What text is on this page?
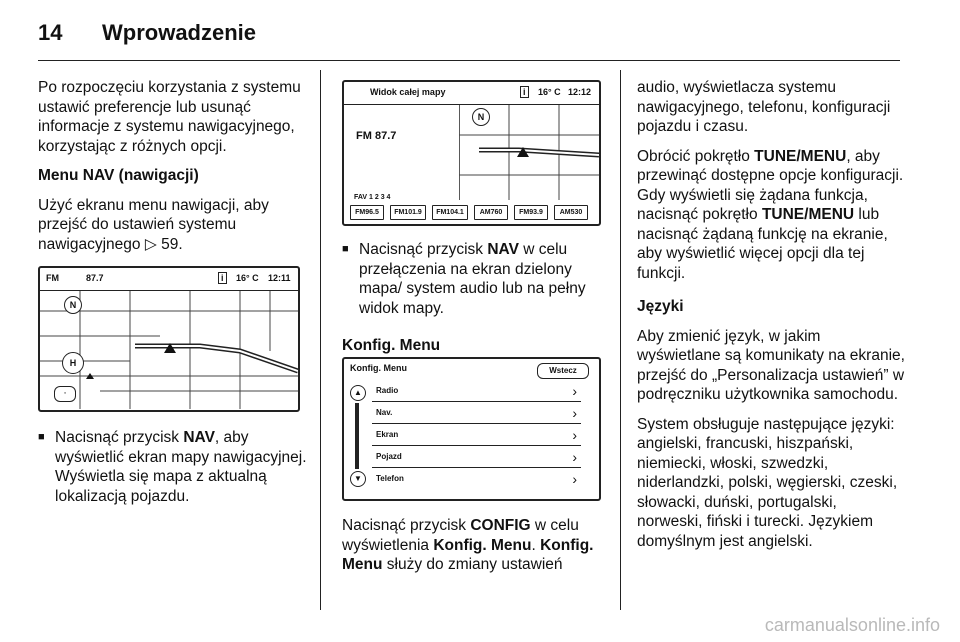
14 Wprowadzenie

Po rozpoczęciu korzystania z systemu ustawić preferencje lub usunąć informacje z systemu nawigacyjnego, korzystając z różnych opcji.

Menu NAV (nawigacji)

Użyć ekranu menu nawigacji, aby przejść do ustawień systemu nawigacyjnego ▷ 59.

FM	87.7	i	16° C 12:11
N
H
◦

■ Nacisnąć przycisk NAV, aby wyświetlić ekran mapy nawigacyjnej. Wyświetla się mapa z aktualną lokalizacją pojazdu.

Widok całej mapy	i	16° C 12:12
FM 87.7
N
FAV 1 2 3 4
FM96.5	FM101.9	FM104.1	AM760	FM93.9	AM530

■ Nacisnąć przycisk NAV w celu przełączenia na ekran dzielony mapa/ system audio lub na pełny widok mapy.

Konfig. Menu

Konfig. Menu	Wstecz
▲
▼
Radio	›
Nav.	›
Ekran	›
Pojazd	›
Telefon	›

Nacisnąć przycisk CONFIG w celu wyświetlenia Konfig. Menu. Konfig. Menu służy do zmiany ustawień

audio, wyświetlacza systemu nawigacyjnego, telefonu, konfiguracji pojazdu i czasu.

Obrócić pokrętło TUNE/MENU, aby przewinąć dostępne opcje konfiguracji. Gdy wyświetli się żądana funkcja, nacisnąć pokrętło TUNE/MENU lub nacisnąć żądaną funkcję na ekranie, aby wyświetlić więcej opcji dla tej funkcji.

Języki

Aby zmienić język, w jakim wyświetlane są komunikaty na ekranie, przejść do „Personalizacja ustawień” w podręczniku użytkownika samochodu.

System obsługuje następujące języki: angielski, francuski, hiszpański, niemiecki, włoski, szwedzki, niderlandzki, polski, węgierski, czeski, słowacki, duński, portugalski, norweski, fiński i turecki. Językiem domyślnym jest angielski.

carmanualsonline.info
